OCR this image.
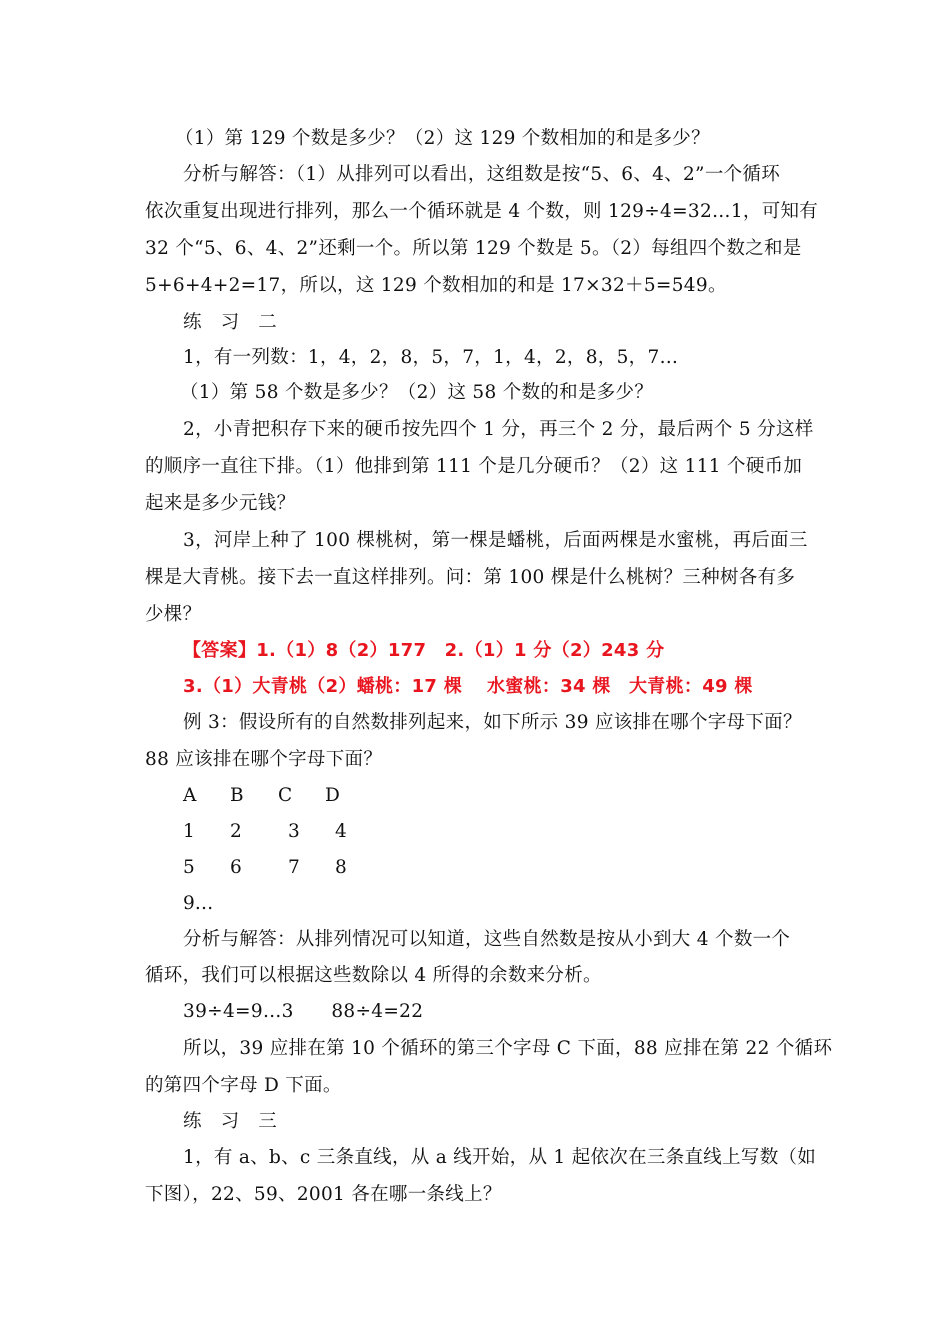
（1）第 129 个数是多少？（2）这 129 个数相加的和是多少？
分析与解答：（1）从排列可以看出，这组数是按“5、6、4、2”一个循环
依次重复出现进行排列，那么一个循环就是 4 个数，则 129÷4=32…1，可知有
32 个“5、6、4、2”还剩一个。所以第 129 个数是 5。（2）每组四个数之和是
5+6+4+2=17，所以，这 129 个数相加的和是 17×32＋5=549。
练　习　二
1，有一列数：1，4，2，8，5，7，1，4，2，8，5，7…
（1）第 58 个数是多少？（2）这 58 个数的和是多少？
2，小青把积存下来的硬币按先四个 1 分，再三个 2 分，最后两个 5 分这样
的顺序一直往下排。（1）他排到第 111 个是几分硬币？（2）这 111 个硬币加
起来是多少元钱？
3，河岸上种了 100 棵桃树，第一棵是蟠桃，后面两棵是水蜜桃，再后面三
棵是大青桃。接下去一直这样排列。问：第 100 棵是什么桃树？三种树各有多
少棵？
【答案】1.（1）8（2）177　2.（1）1 分（2）243 分
3.（1）大青桃（2）蟠桃：17 棵　 水蜜桃：34 棵　大青桃：49 棵
例 3：假设所有的自然数排列起来，如下所示 39 应该排在哪个字母下面？
88 应该排在哪个字母下面？
A B C D
1 2 3 4
5 6 7 8
9…
分析与解答：从排列情况可以知道，这些自然数是按从小到大 4 个数一个
循环，我们可以根据这些数除以 4 所得的余数来分析。
39÷4=9…3　　88÷4=22
所以，39 应排在第 10 个循环的第三个字母 C 下面，88 应排在第 22 个循环
的第四个字母 D 下面。
练　习　三
1，有 a、b、c 三条直线，从 a 线开始，从 1 起依次在三条直线上写数（如
下图），22、59、2001 各在哪一条线上？
